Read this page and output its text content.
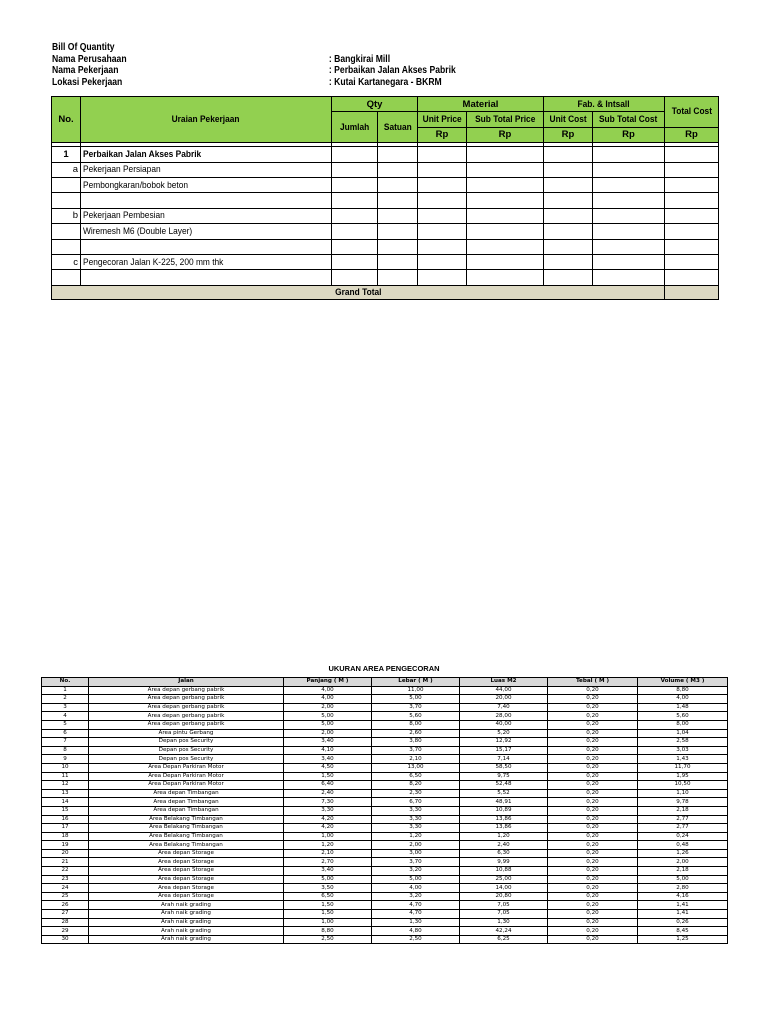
Bill Of Quantity
Nama Perusahaan	: Bangkirai Mill
Nama Pekerjaan	: Perbaikan Jalan Akses Pabrik
Lokasi Pekerjaan	: Kutai Kartanegara - BKRM
No.	Uraian Pekerjaan	Qty		Material		Fab. & Intsall		Total Cost
		Jumlah	Satuan	Unit Price	Sub Total Price	Unit Cost	Sub Total Cost	
				Rp	Rp	Rp	Rp	Rp

1	Perbaikan Jalan Akses Pabrik							
a	Pekerjaan Persiapan							
	Pembongkaran/bobok beton							

b	Pekerjaan Pembesian							
	Wiremesh M6 (Double Layer)							

c	Pengecoran Jalan K-225, 200 mm thk							

Grand Total								
UKURAN AREA PENGECORAN
No.	Jalan	Panjang ( M )	Lebar ( M )	Luas M2	Tebal ( M )	Volume ( M3 )
1	Area depan gerbang pabrik	4,00	11,00	44,00	0,20	8,80
2	Area depan gerbang pabrik	4,00	5,00	20,00	0,20	4,00
3	Area depan gerbang pabrik	2,00	3,70	7,40	0,20	1,48
4	Area depan gerbang pabrik	5,00	5,60	28,00	0,20	5,60
5	Area depan gerbang pabrik	5,00	8,00	40,00	0,20	8,00
6	Area pintu Gerbang	2,00	2,60	5,20	0,20	1,04
7	Depan pos Security	3,40	3,80	12,92	0,20	2,58
8	Depan pos Security	4,10	3,70	15,17	0,20	3,03
9	Depan pos Security	3,40	2,10	7,14	0,20	1,43
10	Area Depan Parkiran Motor	4,50	13,00	58,50	0,20	11,70
11	Area Depan Parkiran Motor	1,50	6,50	9,75	0,20	1,95
12	Area Depan Parkiran Motor	6,40	8,20	52,48	0,20	10,50
13	Area depan Timbangan	2,40	2,30	5,52	0,20	1,10
14	Area depan Timbangan	7,30	6,70	48,91	0,20	9,78
15	Area depan Timbangan	3,30	3,30	10,89	0,20	2,18
16	Area Belakang Timbangan	4,20	3,30	13,86	0,20	2,77
17	Area Belakang Timbangan	4,20	3,30	13,86	0,20	2,77
18	Area Belakang Timbangan	1,00	1,20	1,20	0,20	0,24
19	Area Belakang Timbangan	1,20	2,00	2,40	0,20	0,48
20	Area depan Storage	2,10	3,00	6,30	0,20	1,26
21	Area depan Storage	2,70	3,70	9,99	0,20	2,00
22	Area depan Storage	3,40	3,20	10,88	0,20	2,18
23	Area depan Storage	5,00	5,00	25,00	0,20	5,00
24	Area depan Storage	3,50	4,00	14,00	0,20	2,80
25	Area depan Storage	6,50	3,20	20,80	0,20	4,16
26	Arah naik grading	1,50	4,70	7,05	0,20	1,41
27	Arah naik grading	1,50	4,70	7,05	0,20	1,41
28	Arah naik grading	1,00	1,30	1,30	0,20	0,26
29	Arah naik grading	8,80	4,80	42,24	0,20	8,45
30	Arah naik grading	2,50	2,50	6,25	0,20	1,25
